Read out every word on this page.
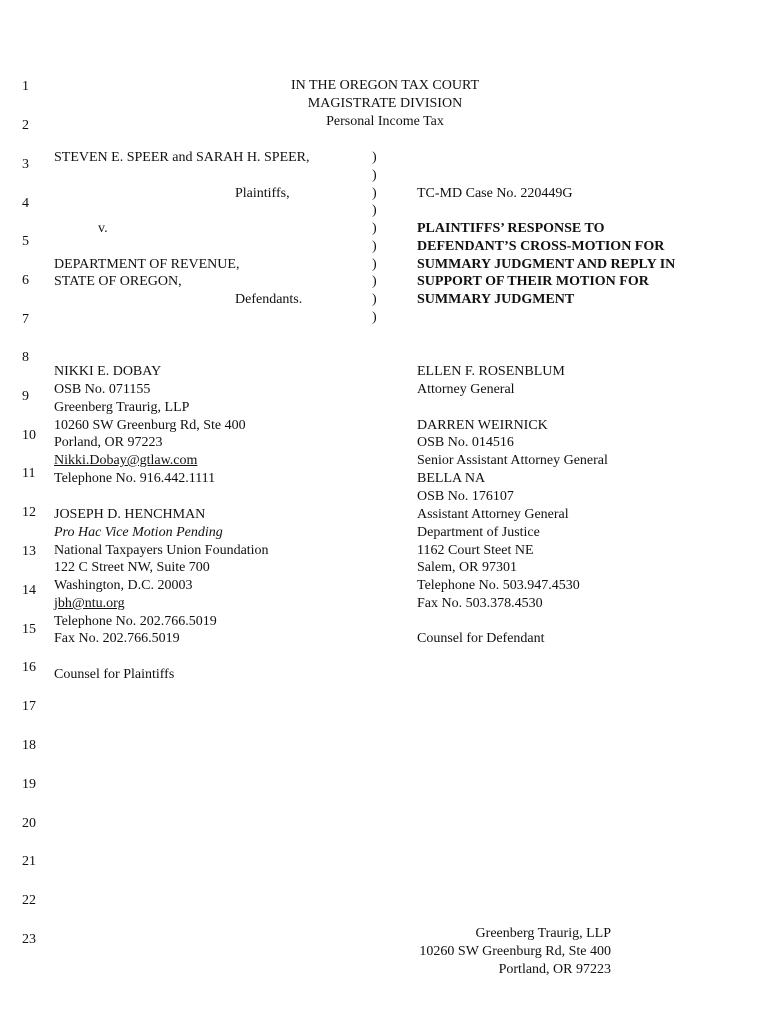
1
2
3
4
5
6
7
8
9
10
11
12
13
14
15
16
17
18
19
20
21
22
23
IN THE OREGON TAX COURT
MAGISTRATE DIVISION
Personal Income Tax
STEVEN E. SPEER and SARAH H. SPEER,
Plaintiffs,
v.
DEPARTMENT OF REVENUE,
STATE OF OREGON,
Defendants.
)
)
)
)
)
)
)
)
)
)
TC-MD Case No. 220449G
PLAINTIFFS’ RESPONSE TO
DEFENDANT’S CROSS-MOTION FOR
SUMMARY JUDGMENT AND REPLY IN
SUPPORT OF THEIR MOTION FOR
SUMMARY JUDGMENT
NIKKI E. DOBAY
OSB No. 071155
Greenberg Traurig, LLP
10260 SW Greenburg Rd, Ste 400
Porland, OR 97223
Nikki.Dobay@gtlaw.com
Telephone No. 916.442.1111
JOSEPH D. HENCHMAN
Pro Hac Vice Motion Pending
National Taxpayers Union Foundation
122 C Street NW, Suite 700
Washington, D.C. 20003
jbh@ntu.org
Telephone No. 202.766.5019
Fax No. 202.766.5019
Counsel for Plaintiffs
ELLEN F. ROSENBLUM
Attorney General
DARREN WEIRNICK
OSB No. 014516
Senior Assistant Attorney General
BELLA NA
OSB No. 176107
Assistant Attorney General
Department of Justice
1162 Court Steet NE
Salem, OR 97301
Telephone No. 503.947.4530
Fax No. 503.378.4530
Counsel for Defendant
Greenberg Traurig, LLP
10260 SW Greenburg Rd, Ste 400
Portland, OR 97223
